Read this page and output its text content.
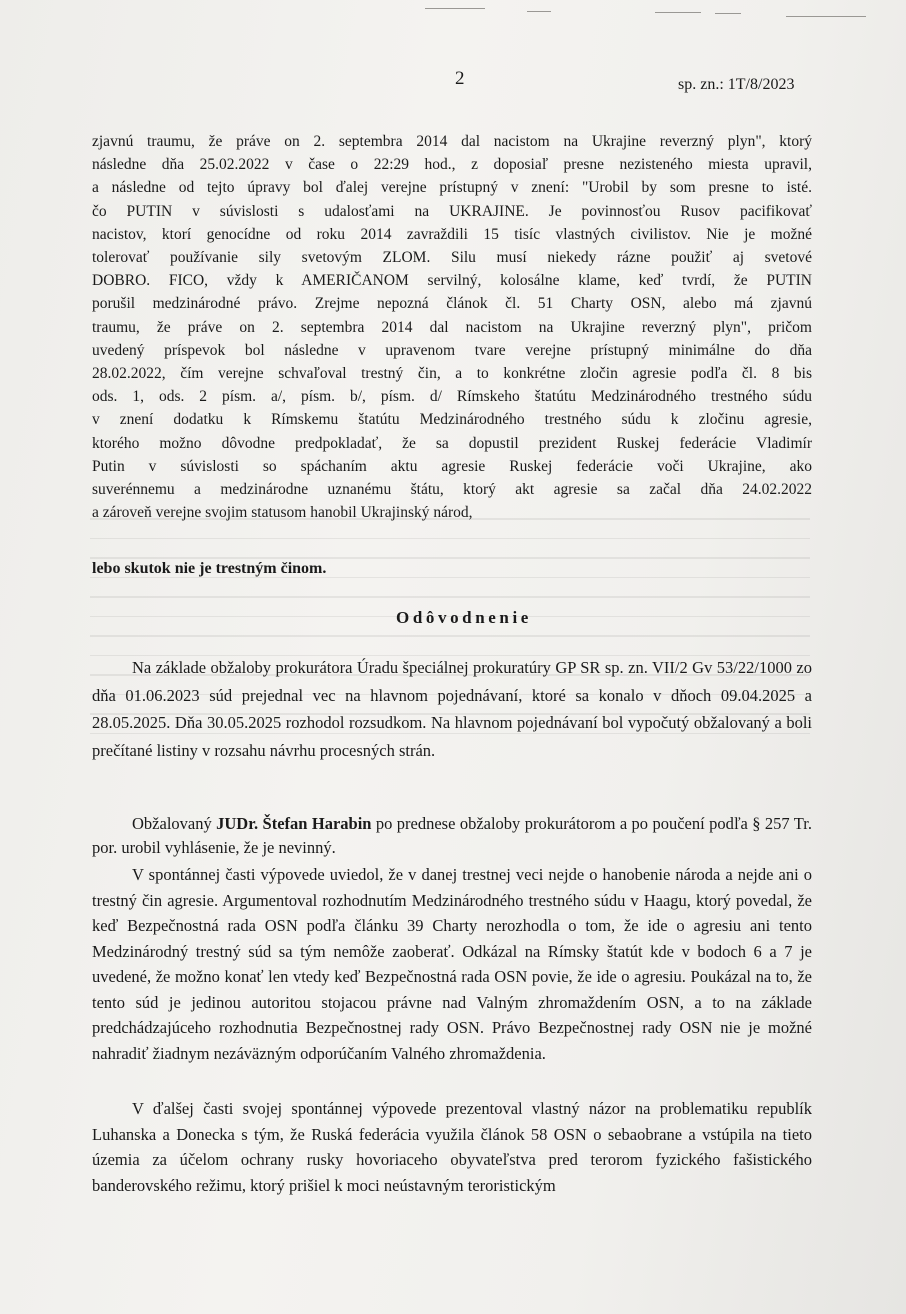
2	sp. zn.: 1T/8/2023
zjavnú traumu, že práve on 2. septembra 2014 dal nacistom na Ukrajine reverzný plyn", ktorý
následne dňa 25.02.2022 v čase o 22:29 hod., z doposiaľ presne nezisteného miesta upravil,
a následne od tejto úpravy bol ďalej verejne prístupný v znení: "Urobil by som presne to isté.
čo PUTIN v súvislosti s udalosťami na UKRAJINE. Je povinnosťou Rusov pacifikovať
nacistov, ktorí genocídne od roku 2014 zavraždili 15 tisíc vlastných civilistov. Nie je možné
tolerovať používanie sily svetovým ZLOM. Silu musí niekedy rázne použiť aj svetové
DOBRO. FICO, vždy k AMERIČANOM servilný, kolosálne klame, keď tvrdí, že PUTIN
porušil medzinárodné právo. Zrejme nepozná článok čl. 51 Charty OSN, alebo má zjavnú
traumu, že práve on 2. septembra 2014 dal nacistom na Ukrajine reverzný plyn", pričom
uvedený príspevok bol následne v upravenom tvare verejne prístupný minimálne do dňa
28.02.2022, čím verejne schvaľoval trestný čin, a to konkrétne zločin agresie podľa čl. 8 bis
ods. 1, ods. 2 písm. a/, písm. b/, písm. d/ Rímskeho štatútu Medzinárodného trestného súdu
v znení dodatku k Rímskemu štatútu Medzinárodného trestného súdu k zločinu agresie,
ktorého možno dôvodne predpokladať, že sa dopustil prezident Ruskej federácie Vladimír
Putin v súvislosti so spáchaním aktu agresie Ruskej federácie voči Ukrajine, ako
suverénnemu a medzinárodne uznanému štátu, ktorý akt agresie sa začal dňa 24.02.2022
a zároveň verejne svojim statusom hanobil Ukrajinský národ,
lebo skutok nie je trestným činom.
Odôvodnenie
Na základe obžaloby prokurátora Úradu špeciálnej prokuratúry GP SR sp. zn. VII/2 Gv 53/22/1000 zo dňa 01.06.2023 súd prejednal vec na hlavnom pojednávaní, ktoré sa konalo v dňoch 09.04.2025 a 28.05.2025. Dňa 30.05.2025 rozhodol rozsudkom. Na hlavnom pojednávaní bol vypočutý obžalovaný a boli prečítané listiny v rozsahu návrhu procesných strán.
Obžalovaný JUDr. Štefan Harabin po prednese obžaloby prokurátorom a po poučení podľa § 257 Tr. por. urobil vyhlásenie, že je nevinný.
V spontánnej časti výpovede uviedol, že v danej trestnej veci nejde o hanobenie národa a nejde ani o trestný čin agresie. Argumentoval rozhodnutím Medzinárodného trestného súdu v Haagu, ktorý povedal, že keď Bezpečnostná rada OSN podľa článku 39 Charty nerozhodla o tom, že ide o agresiu ani tento Medzinárodný trestný súd sa tým nemôže zaoberať. Odkázal na Rímsky štatút kde v bodoch 6 a 7 je uvedené, že možno konať len vtedy keď Bezpečnostná rada OSN povie, že ide o agresiu. Poukázal na to, že tento súd je jedinou autoritou stojacou právne nad Valným zhromaždením OSN, a to na základe predchádzajúceho rozhodnutia Bezpečnostnej rady OSN. Právo Bezpečnostnej rady OSN nie je možné nahradiť žiadnym nezáväzným odporúčaním Valného zhromaždenia.
V ďalšej časti svojej spontánnej výpovede prezentoval vlastný názor na problematiku republík Luhanska a Donecka s tým, že Ruská federácia využila článok 58 OSN o sebaobrane a vstúpila na tieto územia za účelom ochrany rusky hovoriaceho obyvateľstva pred terorom fyzického fašistického banderovského režimu, ktorý prišiel k moci neústavným teroristickým
